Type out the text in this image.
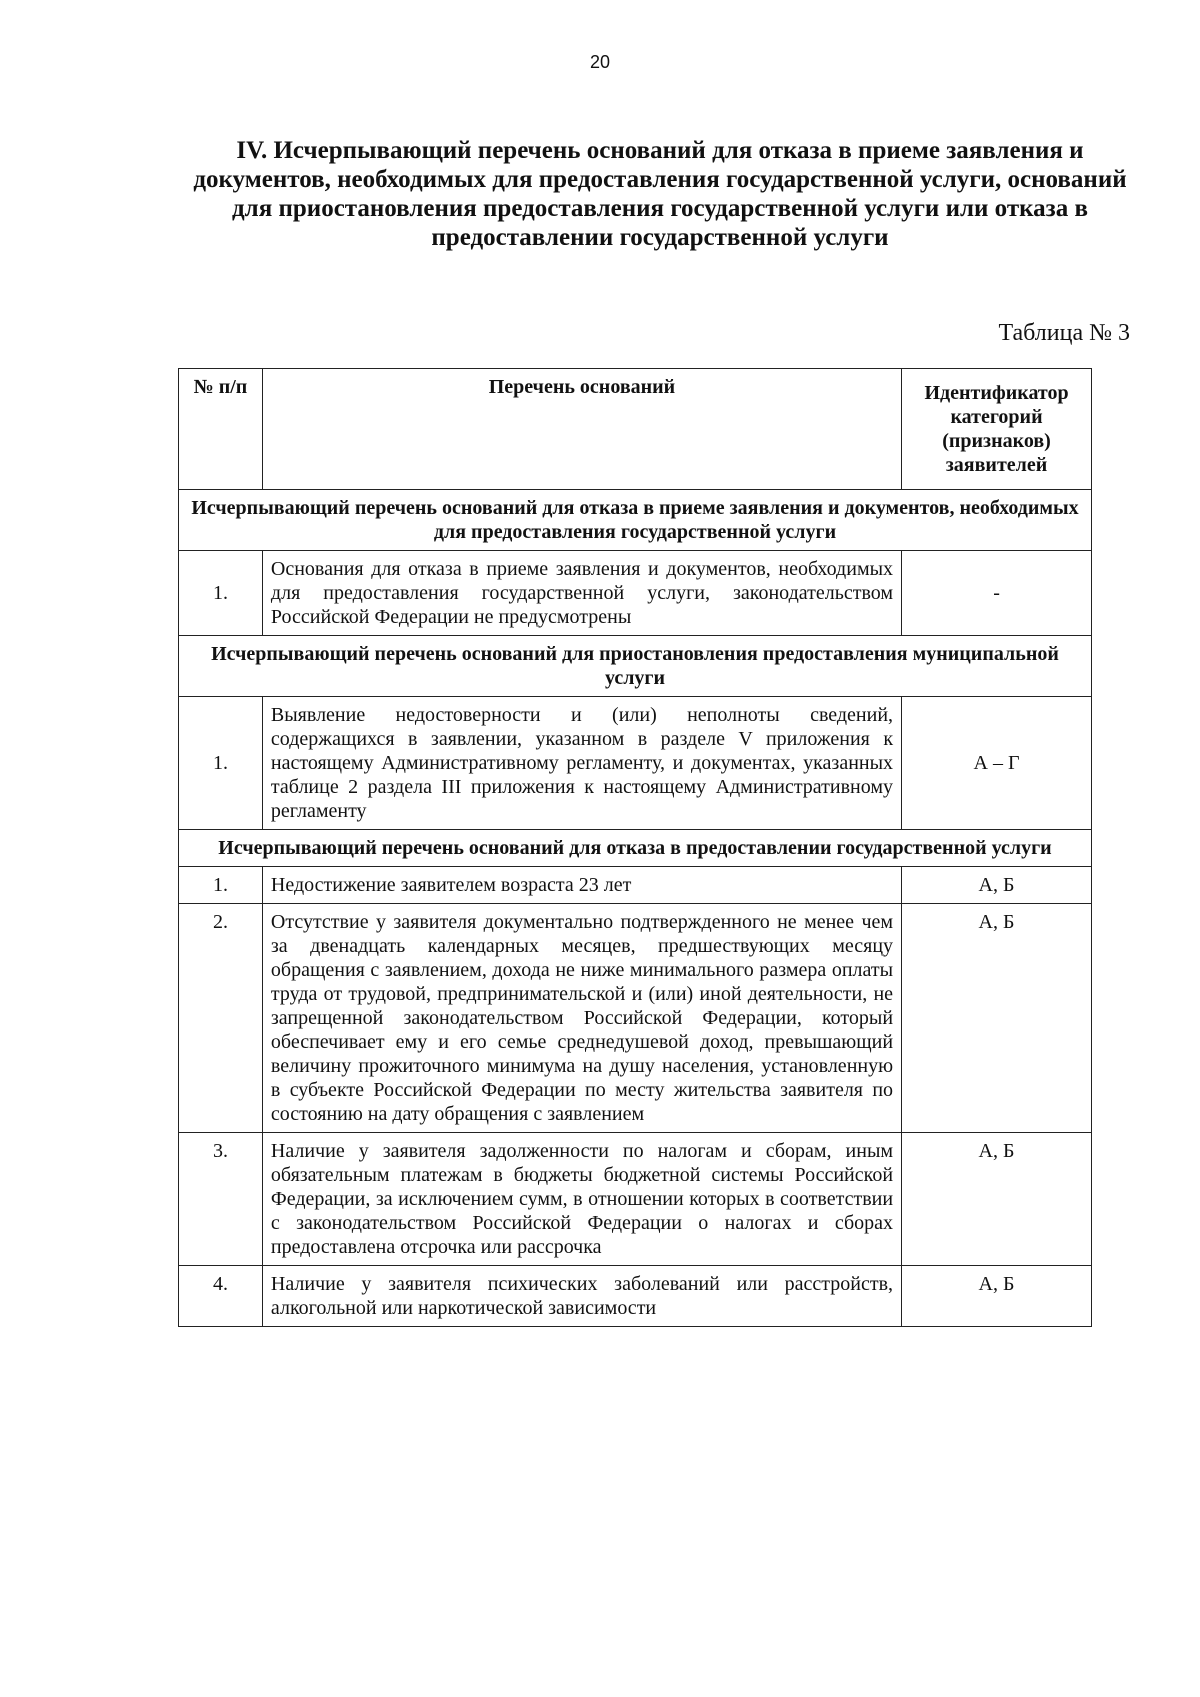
20
IV. Исчерпывающий перечень оснований для отказа в приеме заявления и документов, необходимых для предоставления государственной услуги, оснований для приостановления предоставления государственной услуги или отказа в предоставлении государственной услуги
Таблица № 3
№ п/п	Перечень оснований	Идентификатор категорий (признаков) заявителей
Исчерпывающий перечень оснований для отказа в приеме заявления и документов, необходимых для предоставления государственной услуги		
1.	Основания для отказа в приеме заявления и документов, необходимых для предоставления государственной услуги, законодательством Российской Федерации не предусмотрены	-
Исчерпывающий перечень оснований для приостановления предоставления муниципальной услуги		
1.	Выявление недостоверности и (или) неполноты сведений, содержащихся в заявлении, указанном в разделе V приложения к настоящему Административному регламенту, и документах, указанных таблице 2 раздела III приложения к настоящему Административному регламенту	А – Г
Исчерпывающий перечень оснований для отказа в предоставлении государственной услуги		
1.	Недостижение заявителем возраста 23 лет	А, Б
2.	Отсутствие у заявителя документально подтвержденного не менее чем за двенадцать календарных месяцев, предшествующих месяцу обращения с заявлением, дохода не ниже минимального размера оплаты труда от трудовой, предпринимательской и (или) иной деятельности, не запрещенной законодательством Российской Федерации, который обеспечивает ему и его семье среднедушевой доход, превышающий величину прожиточного минимума на душу населения, установленную в субъекте Российской Федерации по месту жительства заявителя по состоянию на дату обращения с заявлением	А, Б
3.	Наличие у заявителя задолженности по налогам и сборам, иным обязательным платежам в бюджеты бюджетной системы Российской Федерации, за исключением сумм, в отношении которых в соответствии с законодательством Российской Федерации о налогах и сборах предоставлена отсрочка или рассрочка	А, Б
4.	Наличие у заявителя психических заболеваний или расстройств, алкогольной или наркотической зависимости	А, Б
